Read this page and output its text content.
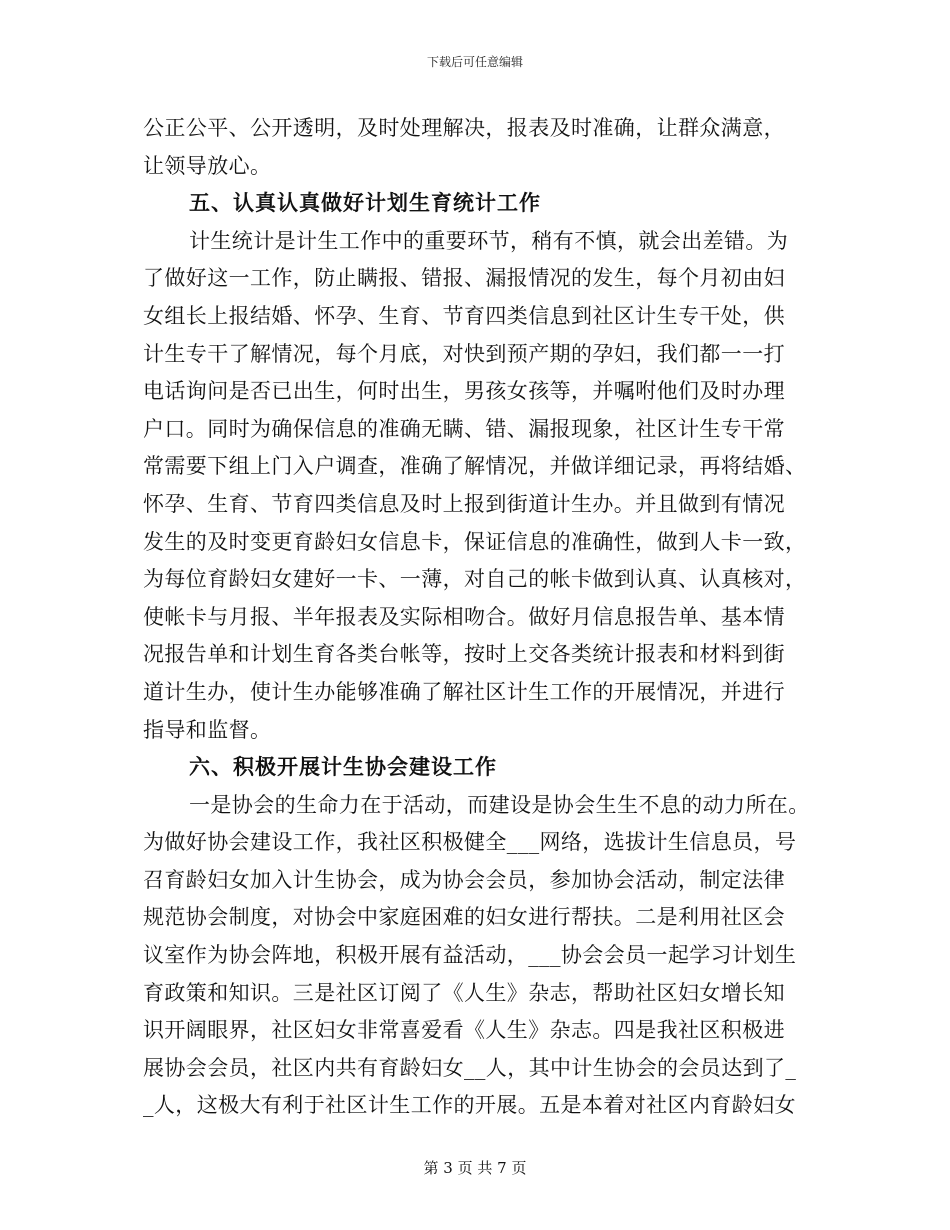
下载后可任意编辑
公正公平、公开透明，及时处理解决，报表及时准确，让群众满意，
让领导放心。
五、认真认真做好计划生育统计工作
计生统计是计生工作中的重要环节，稍有不慎，就会出差错。为
了做好这一工作，防止瞒报、错报、漏报情况的发生，每个月初由妇
女组长上报结婚、怀孕、生育、节育四类信息到社区计生专干处，供
计生专干了解情况，每个月底，对快到预产期的孕妇，我们都一一打
电话询问是否已出生，何时出生，男孩女孩等，并嘱咐他们及时办理
户口。同时为确保信息的准确无瞒、错、漏报现象，社区计生专干常
常需要下组上门入户调查，准确了解情况，并做详细记录，再将结婚、
怀孕、生育、节育四类信息及时上报到街道计生办。并且做到有情况
发生的及时变更育龄妇女信息卡，保证信息的准确性，做到人卡一致，
为每位育龄妇女建好一卡、一薄，对自己的帐卡做到认真、认真核对，
使帐卡与月报、半年报表及实际相吻合。做好月信息报告单、基本情
况报告单和计划生育各类台帐等，按时上交各类统计报表和材料到街
道计生办，使计生办能够准确了解社区计生工作的开展情况，并进行
指导和监督。
六、积极开展计生协会建设工作
一是协会的生命力在于活动，而建设是协会生生不息的动力所在。
为做好协会建设工作，我社区积极健全___网络，选拔计生信息员，号
召育龄妇女加入计生协会，成为协会会员，参加协会活动，制定法律
规范协会制度，对协会中家庭困难的妇女进行帮扶。二是利用社区会
议室作为协会阵地，积极开展有益活动，___协会会员一起学习计划生
育政策和知识。三是社区订阅了《人生》杂志，帮助社区妇女增长知
识开阔眼界，社区妇女非常喜爱看《人生》杂志。四是我社区积极进
展协会会员，社区内共有育龄妇女__人，其中计生协会的会员达到了_
_人，这极大有利于社区计生工作的开展。五是本着对社区内育龄妇女
第 3 页 共 7 页
